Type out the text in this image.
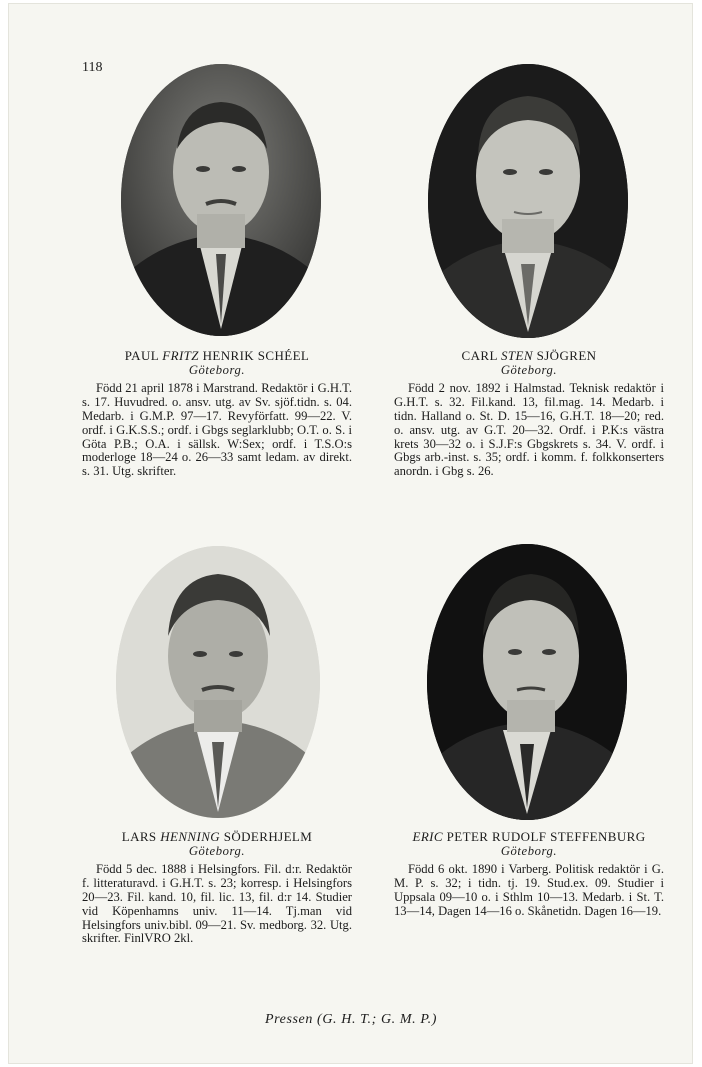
118
PAUL FRITZ HENRIK SCHÉEL
Göteborg.
Född 21 april 1878 i Marstrand. Redaktör i G.H.T. s. 17. Huvudred. o. ansv. utg. av Sv. sjöf.tidn. s. 04. Medarb. i G.M.P. 97—17. Revyförfatt. 99—22. V. ordf. i G.K.S.S.; ordf. i Gbgs seglarklubb; O.T. o. S. i Göta P.B.; O.A. i sällsk. W:Sex; ordf. i T.S.O:s moderloge 18—24 o. 26—33 samt ledam. av direkt. s. 31. Utg. skrifter.
CARL STEN SJÖGREN
Göteborg.
Född 2 nov. 1892 i Halmstad. Teknisk redaktör i G.H.T. s. 32. Fil.kand. 13, fil.mag. 14. Medarb. i tidn. Halland o. St. D. 15—16, G.H.T. 18—20; red. o. ansv. utg. av G.T. 20—32. Ordf. i P.K:s västra krets 30—32 o. i S.J.F:s Gbgskrets s. 34. V. ordf. i Gbgs arb.-inst. s. 35; ordf. i komm. f. folkkonserters anordn. i Gbg s. 26.
LARS HENNING SÖDERHJELM
Göteborg.
Född 5 dec. 1888 i Helsingfors. Fil. d:r. Redaktör f. litteraturavd. i G.H.T. s. 23; korresp. i Helsingfors 20—23. Fil. kand. 10, fil. lic. 13, fil. d:r 14. Studier vid Köpenhamns univ. 11—14. Tj.man vid Helsingfors univ.bibl. 09—21. Sv. medborg. 32. Utg. skrifter. FinlVRO 2kl.
ERIC PETER RUDOLF STEFFENBURG
Göteborg.
Född 6 okt. 1890 i Varberg. Politisk redaktör i G. M. P. s. 32; i tidn. tj. 19. Stud.ex. 09. Studier i Uppsala 09—10 o. i Sthlm 10—13. Medarb. i St. T. 13—14, Dagen 14—16 o. Skånetidn. Dagen 16—19.
Pressen (G. H. T.; G. M. P.)
